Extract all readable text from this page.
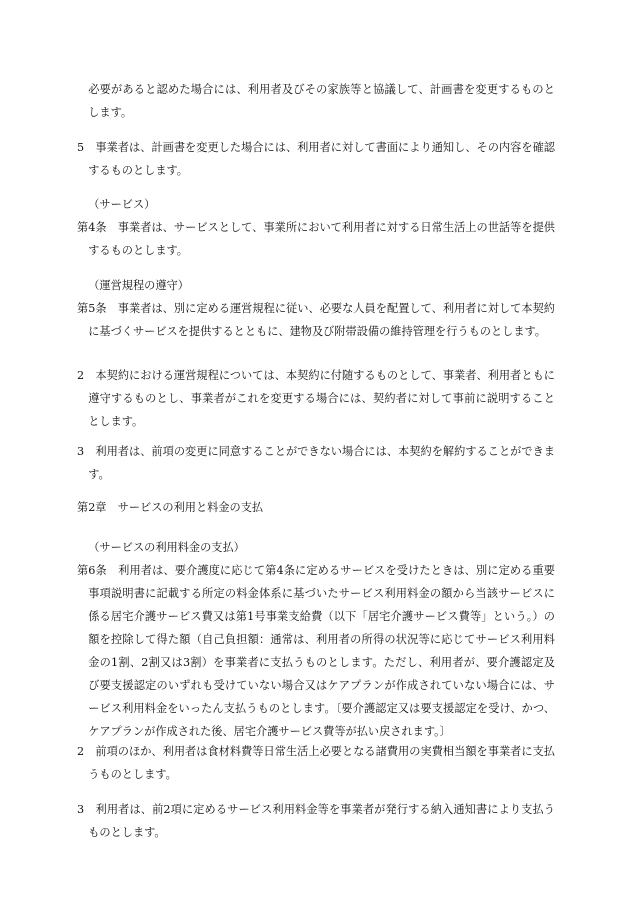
必要があると認めた場合には、利用者及びその家族等と協議して、計画書を変更するものとします。

5　事業者は、計画書を変更した場合には、利用者に対して書面により通知し、その内容を確認するものとします。

（サービス）

第4条　事業者は、サービスとして、事業所において利用者に対する日常生活上の世話等を提供するものとします。

（運営規程の遵守）

第5条　事業者は、別に定める運営規程に従い、必要な人員を配置して、利用者に対して本契約に基づくサービスを提供するとともに、建物及び附帯設備の維持管理を行うものとします。

2　本契約における運営規程については、本契約に付随するものとして、事業者、利用者ともに遵守するものとし、事業者がこれを変更する場合には、契約者に対して事前に説明することとします。

3　利用者は、前項の変更に同意することができない場合には、本契約を解約することができます。

第2章　サービスの利用と料金の支払

（サービスの利用料金の支払）

第6条　利用者は、要介護度に応じて第4条に定めるサービスを受けたときは、別に定める重要事項説明書に記載する所定の料金体系に基づいたサービス利用料金の額から当該サービスに係る居宅介護サービス費又は第1号事業支給費（以下「居宅介護サービス費等」という。）の額を控除して得た額（自己負担額：通常は、利用者の所得の状況等に応じてサービス利用料金の1割、2割又は3割）を事業者に支払うものとします。ただし、利用者が、要介護認定及び要支援認定のいずれも受けていない場合又はケアプランが作成されていない場合には、サービス利用料金をいったん支払うものとします。〔要介護認定又は要支援認定を受け、かつ、ケアプランが作成された後、居宅介護サービス費等が払い戻されます。〕

2　前項のほか、利用者は食材料費等日常生活上必要となる諸費用の実費相当額を事業者に支払うものとします。

3　利用者は、前2項に定めるサービス利用料金等を事業者が発行する納入通知書により支払うものとします。
